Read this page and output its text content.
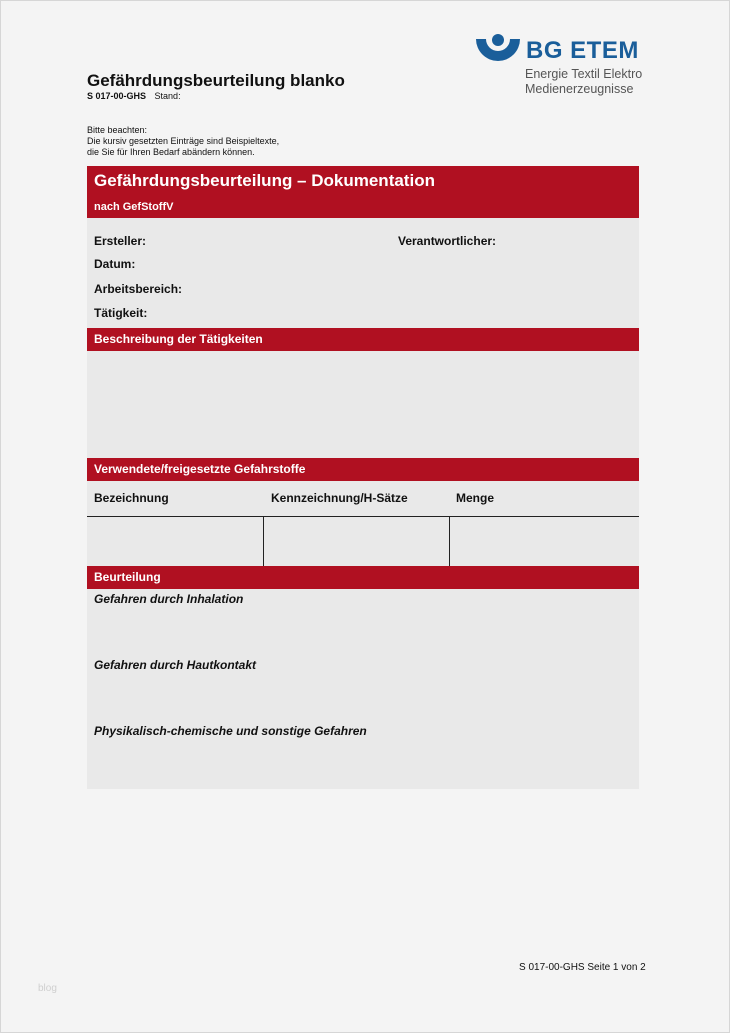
BG ETEM
Energie Textil Elektro
Medienerzeugnisse
Gefährdungsbeurteilung blanko
S 017-00-GHS Stand:
Bitte beachten:
Die kursiv gesetzten Einträge sind Beispieltexte,
die Sie für Ihren Bedarf abändern können.
Gefährdungsbeurteilung – Dokumentation
nach GefStoffV
Ersteller:	Verantwortlicher:
Datum:
Arbeitsbereich:
Tätigkeit:
Beschreibung der Tätigkeiten
Verwendete/freigesetzte Gefahrstoffe
Bezeichnung	Kennzeichnung/H-Sätze	Menge
Beurteilung
Gefahren durch Inhalation
Gefahren durch Hautkontakt
Physikalisch-chemische und sonstige Gefahren
S 017-00-GHS Seite 1 von 2
blog
